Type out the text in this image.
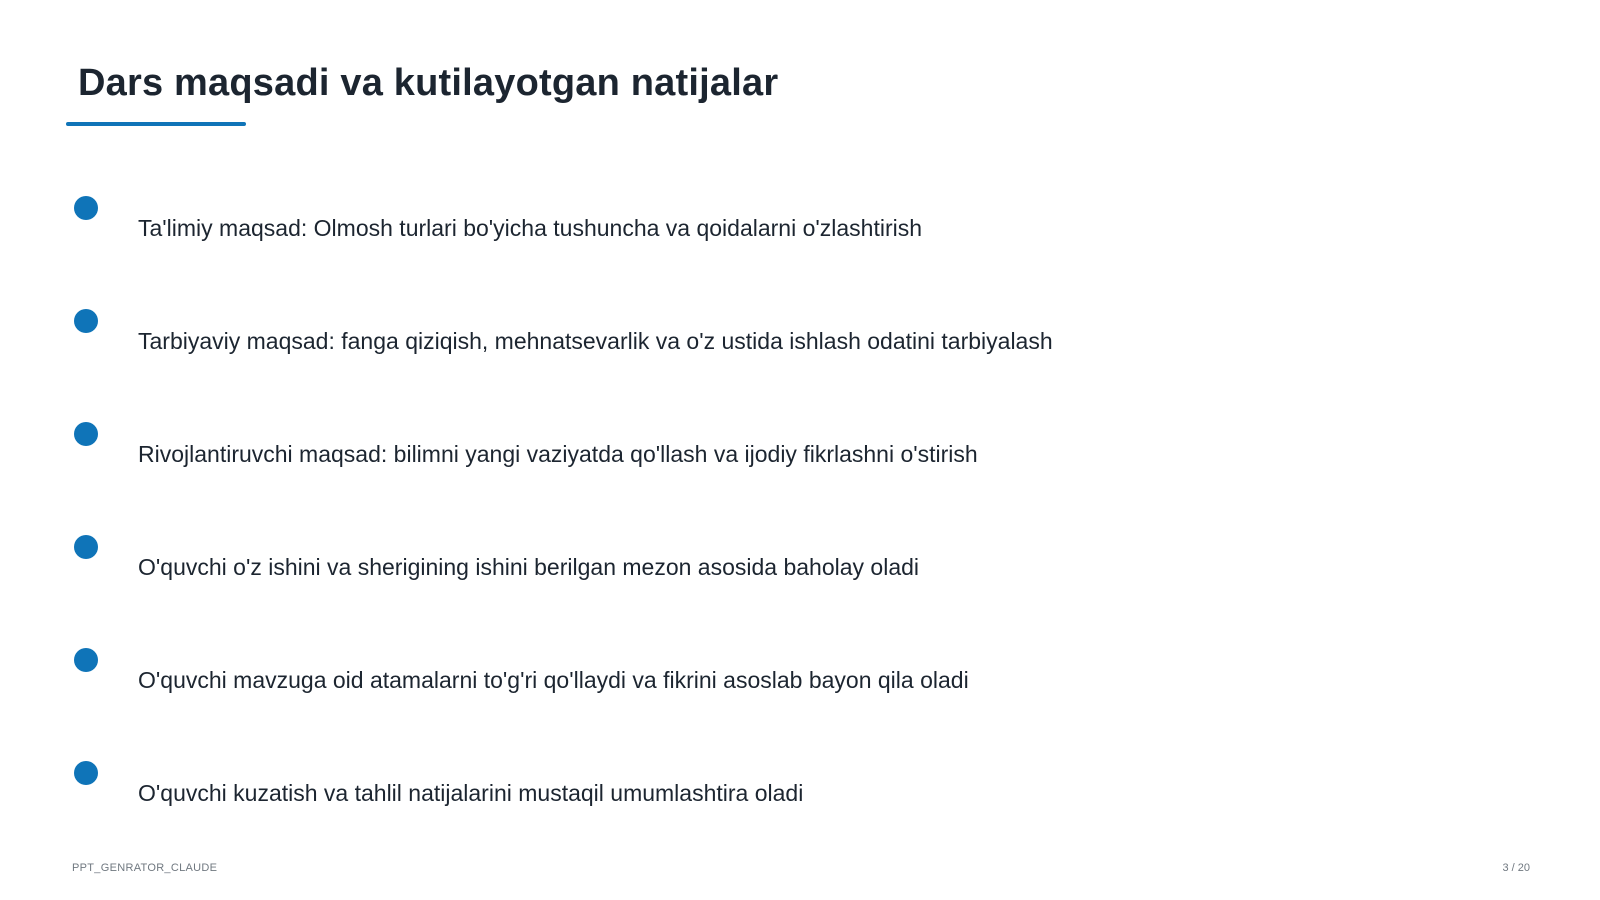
Dars maqsadi va kutilayotgan natijalar
Ta'limiy maqsad: Olmosh turlari bo'yicha tushuncha va qoidalarni o'zlashtirish
Tarbiyaviy maqsad: fanga qiziqish, mehnatsevarlik va o'z ustida ishlash odatini tarbiyalash
Rivojlantiruvchi maqsad: bilimni yangi vaziyatda qo'llash va ijodiy fikrlashni o'stirish
O'quvchi o'z ishini va sherigining ishini berilgan mezon asosida baholay oladi
O'quvchi mavzuga oid atamalarni to'g'ri qo'llaydi va fikrini asoslab bayon qila oladi
O'quvchi kuzatish va tahlil natijalarini mustaqil umumlashtira oladi
PPT_GENRATOR_CLAUDE	3 / 20
